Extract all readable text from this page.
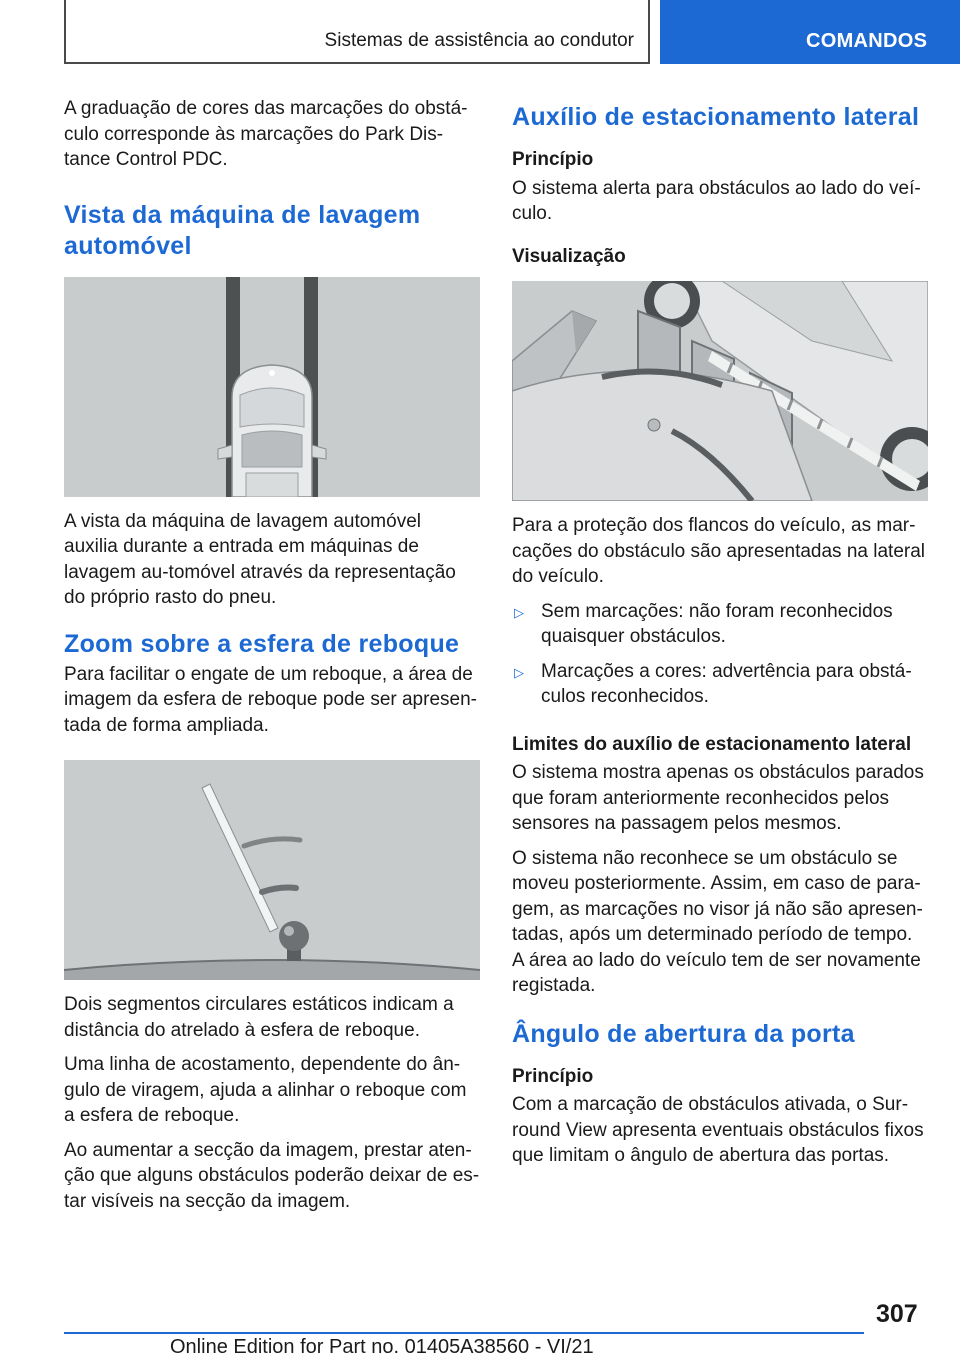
Sistemas de assistência ao condutor	COMANDOS

A graduação de cores das marcações do obstá-
culo corresponde às marcações do Park Dis-
tance Control PDC.

Vista da máquina de lavagem automóvel

A vista da máquina de lavagem automóvel auxilia durante a entrada em máquinas de lavagem au-tomóvel através da representação do próprio rasto do pneu.

Zoom sobre a esfera de reboque

Para facilitar o engate de um reboque, a área de imagem da esfera de reboque pode ser apresen-tada de forma ampliada.

Dois segmentos circulares estáticos indicam a distância do atrelado à esfera de reboque.

Uma linha de acostamento, dependente do ân-gulo de viragem, ajuda a alinhar o reboque com a esfera de reboque.

Ao aumentar a secção da imagem, prestar aten-ção que alguns obstáculos poderão deixar de es-tar visíveis na secção da imagem.

Auxílio de estacionamento lateral
Princípio

O sistema alerta para obstáculos ao lado do veí-culo.

Visualização

Para a proteção dos flancos do veículo, as mar-cações do obstáculo são apresentadas na lateral do veículo.

▷ Sem marcações: não foram reconhecidos quaisquer obstáculos.
▷ Marcações a cores: advertência para obstá-culos reconhecidos.
Limites do auxílio de estacionamento lateral

O sistema mostra apenas os obstáculos parados que foram anteriormente reconhecidos pelos sensores na passagem pelos mesmos.

O sistema não reconhece se um obstáculo se moveu posteriormente. Assim, em caso de para-gem, as marcações no visor já não são apresen-tadas, após um determinado período de tempo. A área ao lado do veículo tem de ser novamente registada.

Ângulo de abertura da porta
Princípio

Com a marcação de obstáculos ativada, o Sur-round View apresenta eventuais obstáculos fixos que limitam o ângulo de abertura das portas.

307
Online Edition for Part no. 01405A38560 - VI/21
